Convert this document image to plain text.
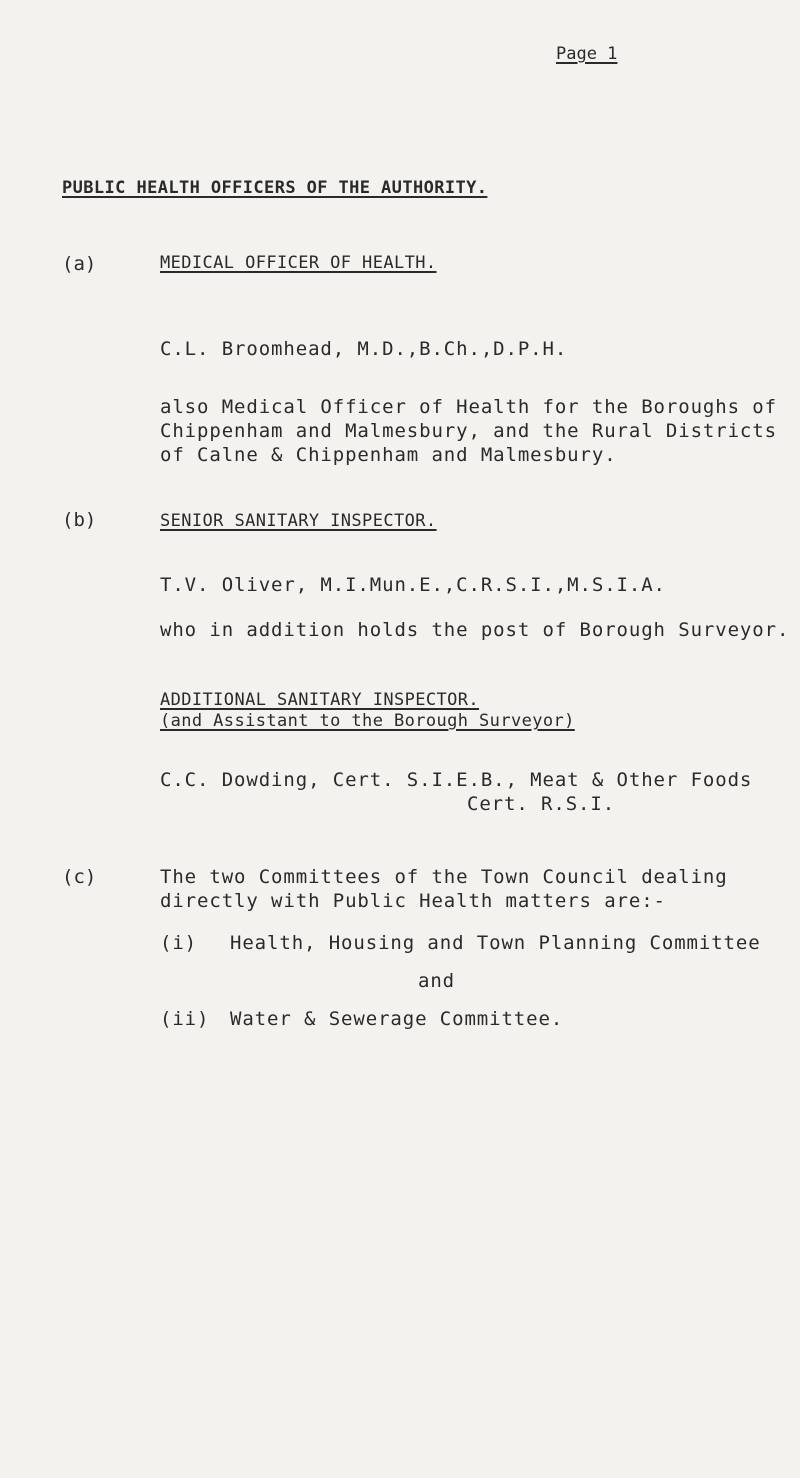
Page 1
PUBLIC HEALTH OFFICERS OF THE AUTHORITY.
(a)	MEDICAL OFFICER OF HEALTH.
C.L. Broomhead, M.D.,B.Ch.,D.P.H.
also Medical Officer of Health for the Boroughs of
Chippenham and Malmesbury, and the Rural Districts
of Calne & Chippenham and Malmesbury.
(b)	SENIOR SANITARY INSPECTOR.
T.V. Oliver, M.I.Mun.E.,C.R.S.I.,M.S.I.A.
who in addition holds the post of Borough Surveyor.
ADDITIONAL SANITARY INSPECTOR.
(and Assistant to the Borough Surveyor)
C.C. Dowding, Cert. S.I.E.B., Meat & Other Foods
Cert. R.S.I.
(c)	The two Committees of the Town Council dealing
directly with Public Health matters are:-
(i) Health, Housing and Town Planning Committee
and
(ii) Water & Sewerage Committee.
